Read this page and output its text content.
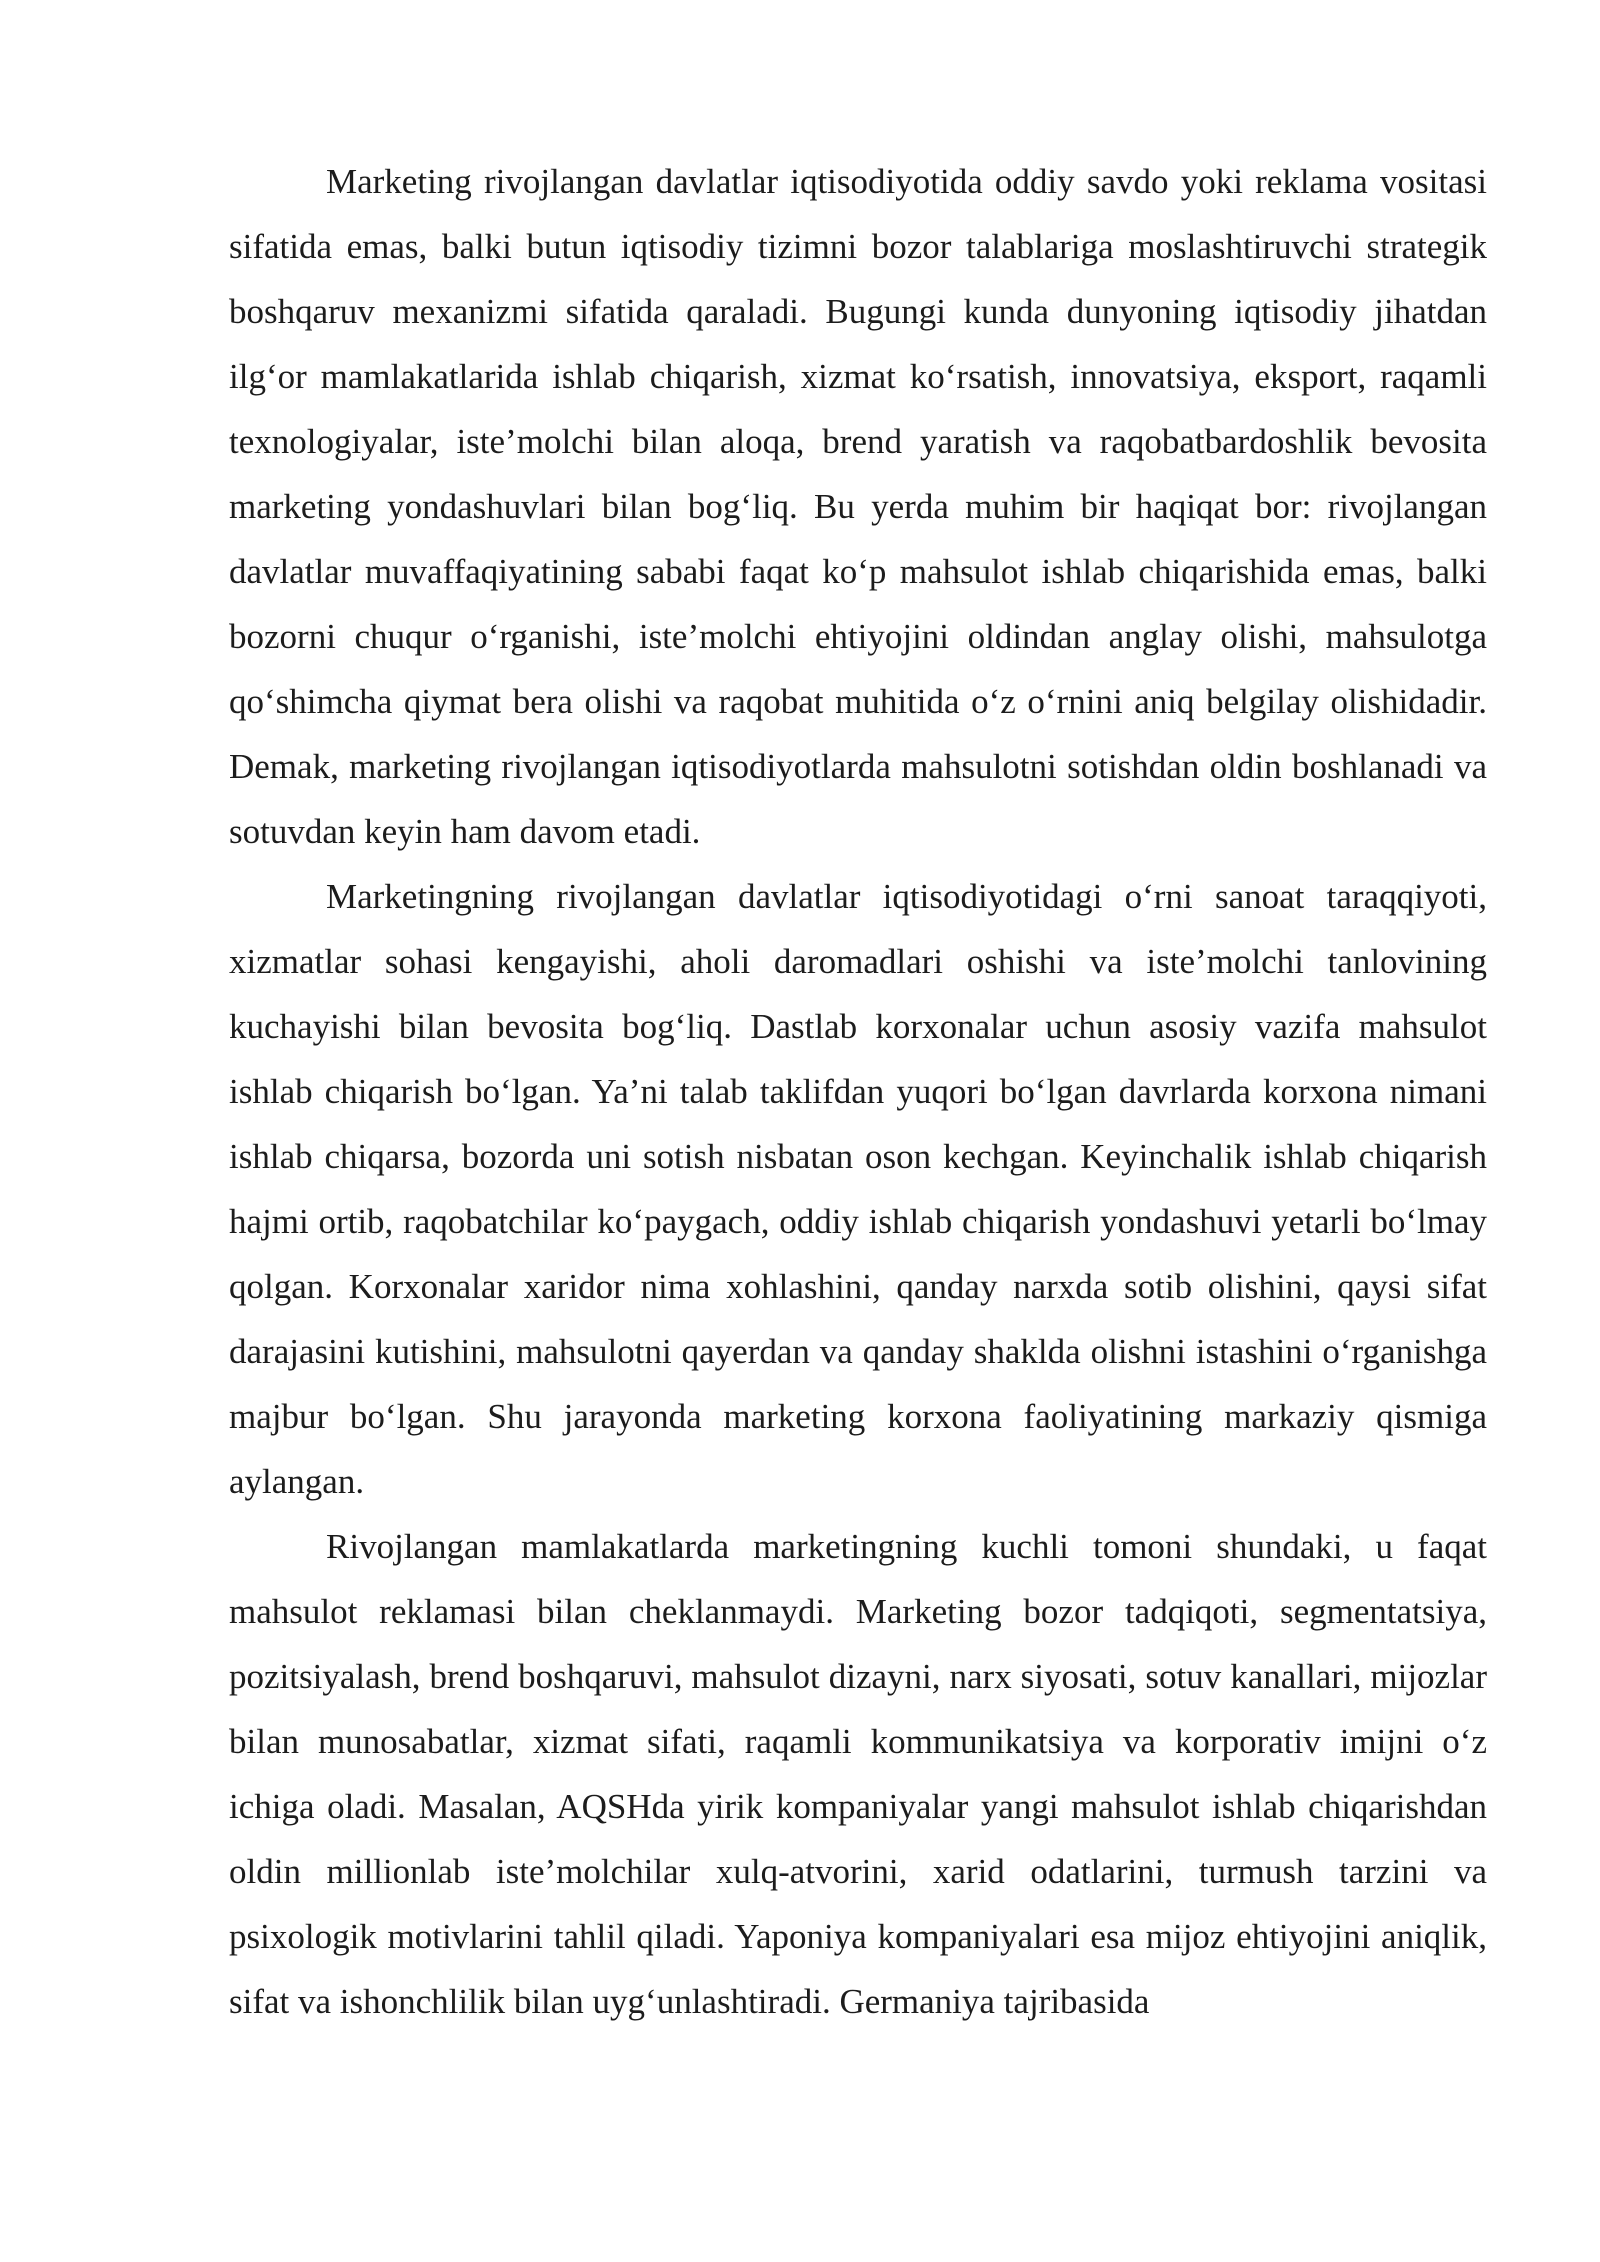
Marketing rivojlangan davlatlar iqtisodiyotida oddiy savdo yoki reklama vositasi sifatida emas, balki butun iqtisodiy tizimni bozor talablariga moslashtiruvchi strategik boshqaruv mexanizmi sifatida qaraladi. Bugungi kunda dunyoning iqtisodiy jihatdan ilg‘or mamlakatlarida ishlab chiqarish, xizmat ko‘rsatish, innovatsiya, eksport, raqamli texnologiyalar, iste’molchi bilan aloqa, brend yaratish va raqobatbardoshlik bevosita marketing yondashuvlari bilan bog‘liq. Bu yerda muhim bir haqiqat bor: rivojlangan davlatlar muvaffaqiyatining sababi faqat ko‘p mahsulot ishlab chiqarishida emas, balki bozorni chuqur o‘rganishi, iste’molchi ehtiyojini oldindan anglay olishi, mahsulotga qo‘shimcha qiymat bera olishi va raqobat muhitida o‘z o‘rnini aniq belgilay olishidadir. Demak, marketing rivojlangan iqtisodiyotlarda mahsulotni sotishdan oldin boshlanadi va sotuvdan keyin ham davom etadi.

Marketingning rivojlangan davlatlar iqtisodiyotidagi o‘rni sanoat taraqqiyoti, xizmatlar sohasi kengayishi, aholi daromadlari oshishi va iste’molchi tanlovining kuchayishi bilan bevosita bog‘liq. Dastlab korxonalar uchun asosiy vazifa mahsulot ishlab chiqarish bo‘lgan. Ya’ni talab taklifdan yuqori bo‘lgan davrlarda korxona nimani ishlab chiqarsa, bozorda uni sotish nisbatan oson kechgan. Keyinchalik ishlab chiqarish hajmi ortib, raqobatchilar ko‘paygach, oddiy ishlab chiqarish yondashuvi yetarli bo‘lmay qolgan. Korxonalar xaridor nima xohlashini, qanday narxda sotib olishini, qaysi sifat darajasini kutishini, mahsulotni qayerdan va qanday shaklda olishni istashini o‘rganishga majbur bo‘lgan. Shu jarayonda marketing korxona faoliyatining markaziy qismiga aylangan.

Rivojlangan mamlakatlarda marketingning kuchli tomoni shundaki, u faqat mahsulot reklamasi bilan cheklanmaydi. Marketing bozor tadqiqoti, segmentatsiya, pozitsiyalash, brend boshqaruvi, mahsulot dizayni, narx siyosati, sotuv kanallari, mijozlar bilan munosabatlar, xizmat sifati, raqamli kommunikatsiya va korporativ imijni o‘z ichiga oladi. Masalan, AQSHda yirik kompaniyalar yangi mahsulot ishlab chiqarishdan oldin millionlab iste’molchilar xulq-atvorini, xarid odatlarini, turmush tarzini va psixologik motivlarini tahlil qiladi. Yaponiya kompaniyalari esa mijoz ehtiyojini aniqlik, sifat va ishonchlilik bilan uyg‘unlashtiradi. Germaniya tajribasida
